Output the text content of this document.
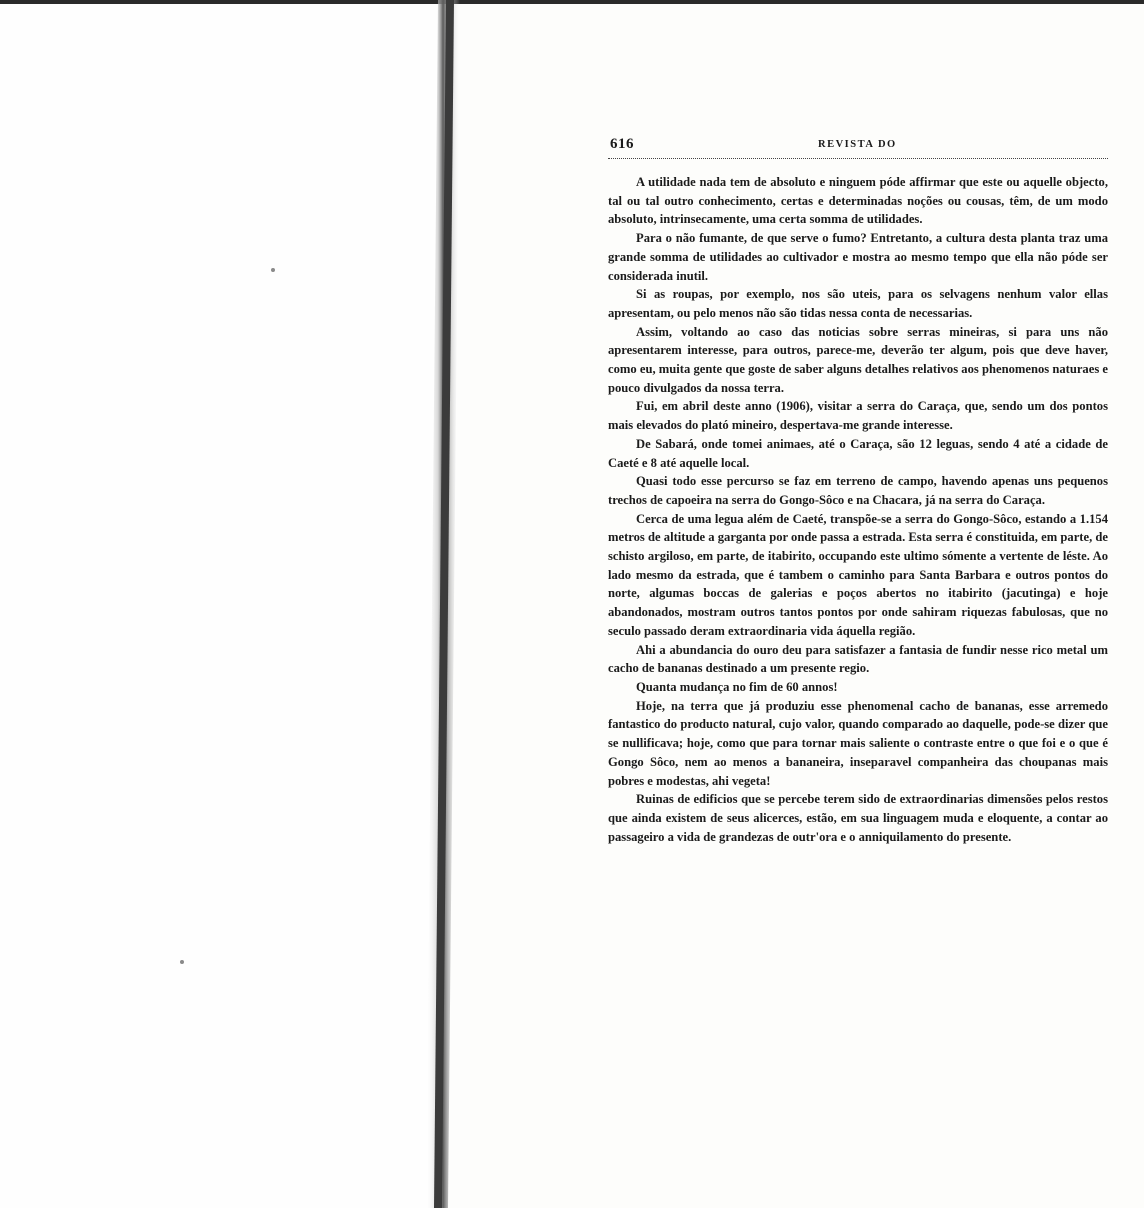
616	REVISTA DO

A utilidade nada tem de absoluto e ninguem póde affirmar que este ou aquelle objecto, tal ou tal outro conhecimento, certas e determinadas noções ou cousas, têm, de um modo absoluto, intrinsecamente, uma certa somma de utilidades.

Para o não fumante, de que serve o fumo? Entretanto, a cultura desta planta traz uma grande somma de utilidades ao cultivador e mostra ao mesmo tempo que ella não póde ser considerada inutil.

Si as roupas, por exemplo, nos são uteis, para os selvagens nenhum valor ellas apresentam, ou pelo menos não são tidas nessa conta de necessarias.

Assim, voltando ao caso das noticias sobre serras mineiras, si para uns não apresentarem interesse, para outros, parece-me, deverão ter algum, pois que deve haver, como eu, muita gente que goste de saber alguns detalhes relativos aos phenomenos naturaes e pouco divulgados da nossa terra.

Fui, em abril deste anno (1906), visitar a serra do Caraça, que, sendo um dos pontos mais elevados do plató mineiro, despertava-me grande interesse.

De Sabará, onde tomei animaes, até o Caraça, são 12 leguas, sendo 4 até a cidade de Caeté e 8 até aquelle local.

Quasi todo esse percurso se faz em terreno de campo, havendo apenas uns pequenos trechos de capoeira na serra do Gongo-Sôco e na Chacara, já na serra do Caraça.

Cerca de uma legua além de Caeté, transpõe-se a serra do Gongo-Sôco, estando a 1.154 metros de altitude a garganta por onde passa a estrada. Esta serra é constituida, em parte, de schisto argiloso, em parte, de itabirito, occupando este ultimo sómente a vertente de léste. Ao lado mesmo da estrada, que é tambem o caminho para Santa Barbara e outros pontos do norte, algumas boccas de galerias e poços abertos no itabirito (jacutinga) e hoje abandonados, mostram outros tantos pontos por onde sahiram riquezas fabulosas, que no seculo passado deram extraordinaria vida áquella região.

Ahi a abundancia do ouro deu para satisfazer a fantasia de fundir nesse rico metal um cacho de bananas destinado a um presente regio.

Quanta mudança no fim de 60 annos!

Hoje, na terra que já produziu esse phenomenal cacho de bananas, esse arremedo fantastico do producto natural, cujo valor, quando comparado ao daquelle, pode-se dizer que se nullificava; hoje, como que para tornar mais saliente o contraste entre o que foi e o que é Gongo Sôco, nem ao menos a bananeira, inseparavel companheira das choupanas mais pobres e modestas, ahi vegeta!

Ruinas de edificios que se percebe terem sido de extraordinarias dimensões pelos restos que ainda existem de seus alicerces, estão, em sua linguagem muda e eloquente, a contar ao passageiro a vida de grandezas de outr'ora e o anniquilamento do presente.
